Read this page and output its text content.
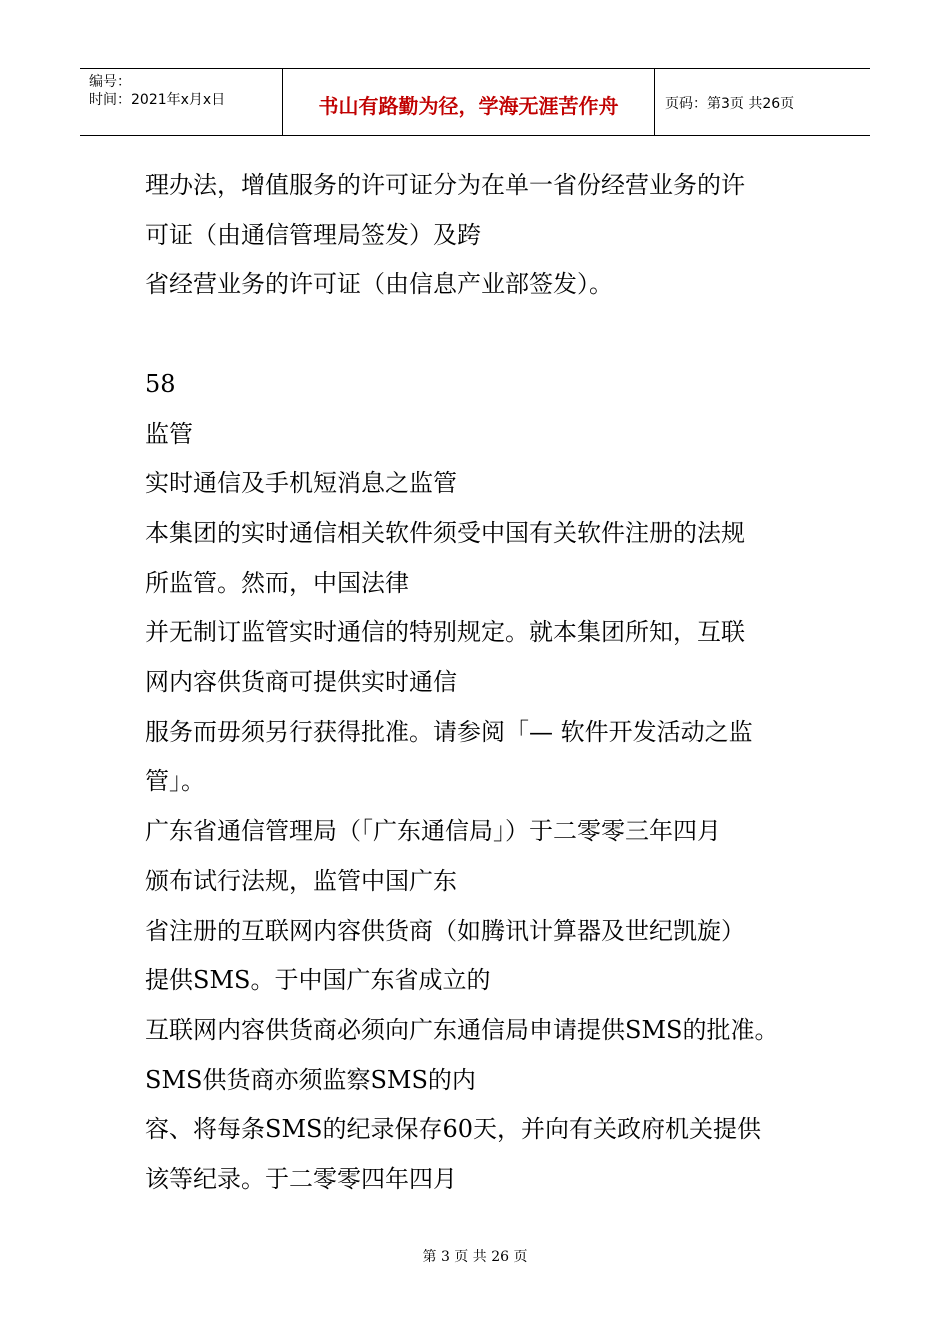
编号：
时间：2021年x月x日	书山有路勤为径，学海无涯苦作舟	页码：第3页 共26页

理办法，增值服务的许可证分为在单一省份经营业务的许

可证（由通信管理局签发）及跨

省经营业务的许可证（由信息产业部签发）。

58

监管

实时通信及手机短消息之监管

本集团的实时通信相关软件须受中国有关软件注册的法规

所监管。然而，中国法律

并无制订监管实时通信的特别规定。就本集团所知，互联

网内容供货商可提供实时通信

服务而毋须另行获得批准。请参阅「— 软件开发活动之监

管」。

广东省通信管理局（「广东通信局」）于二零零三年四月

颁布试行法规，监管中国广东

省注册的互联网内容供货商（如腾讯计算器及世纪凯旋）

提供SMS。于中国广东省成立的

互联网内容供货商必须向广东通信局申请提供SMS的批准。

SMS供货商亦须监察SMS的内

容、将每条SMS的纪录保存60天，并向有关政府机关提供

该等纪录。于二零零四年四月

第 3 页 共 26 页
